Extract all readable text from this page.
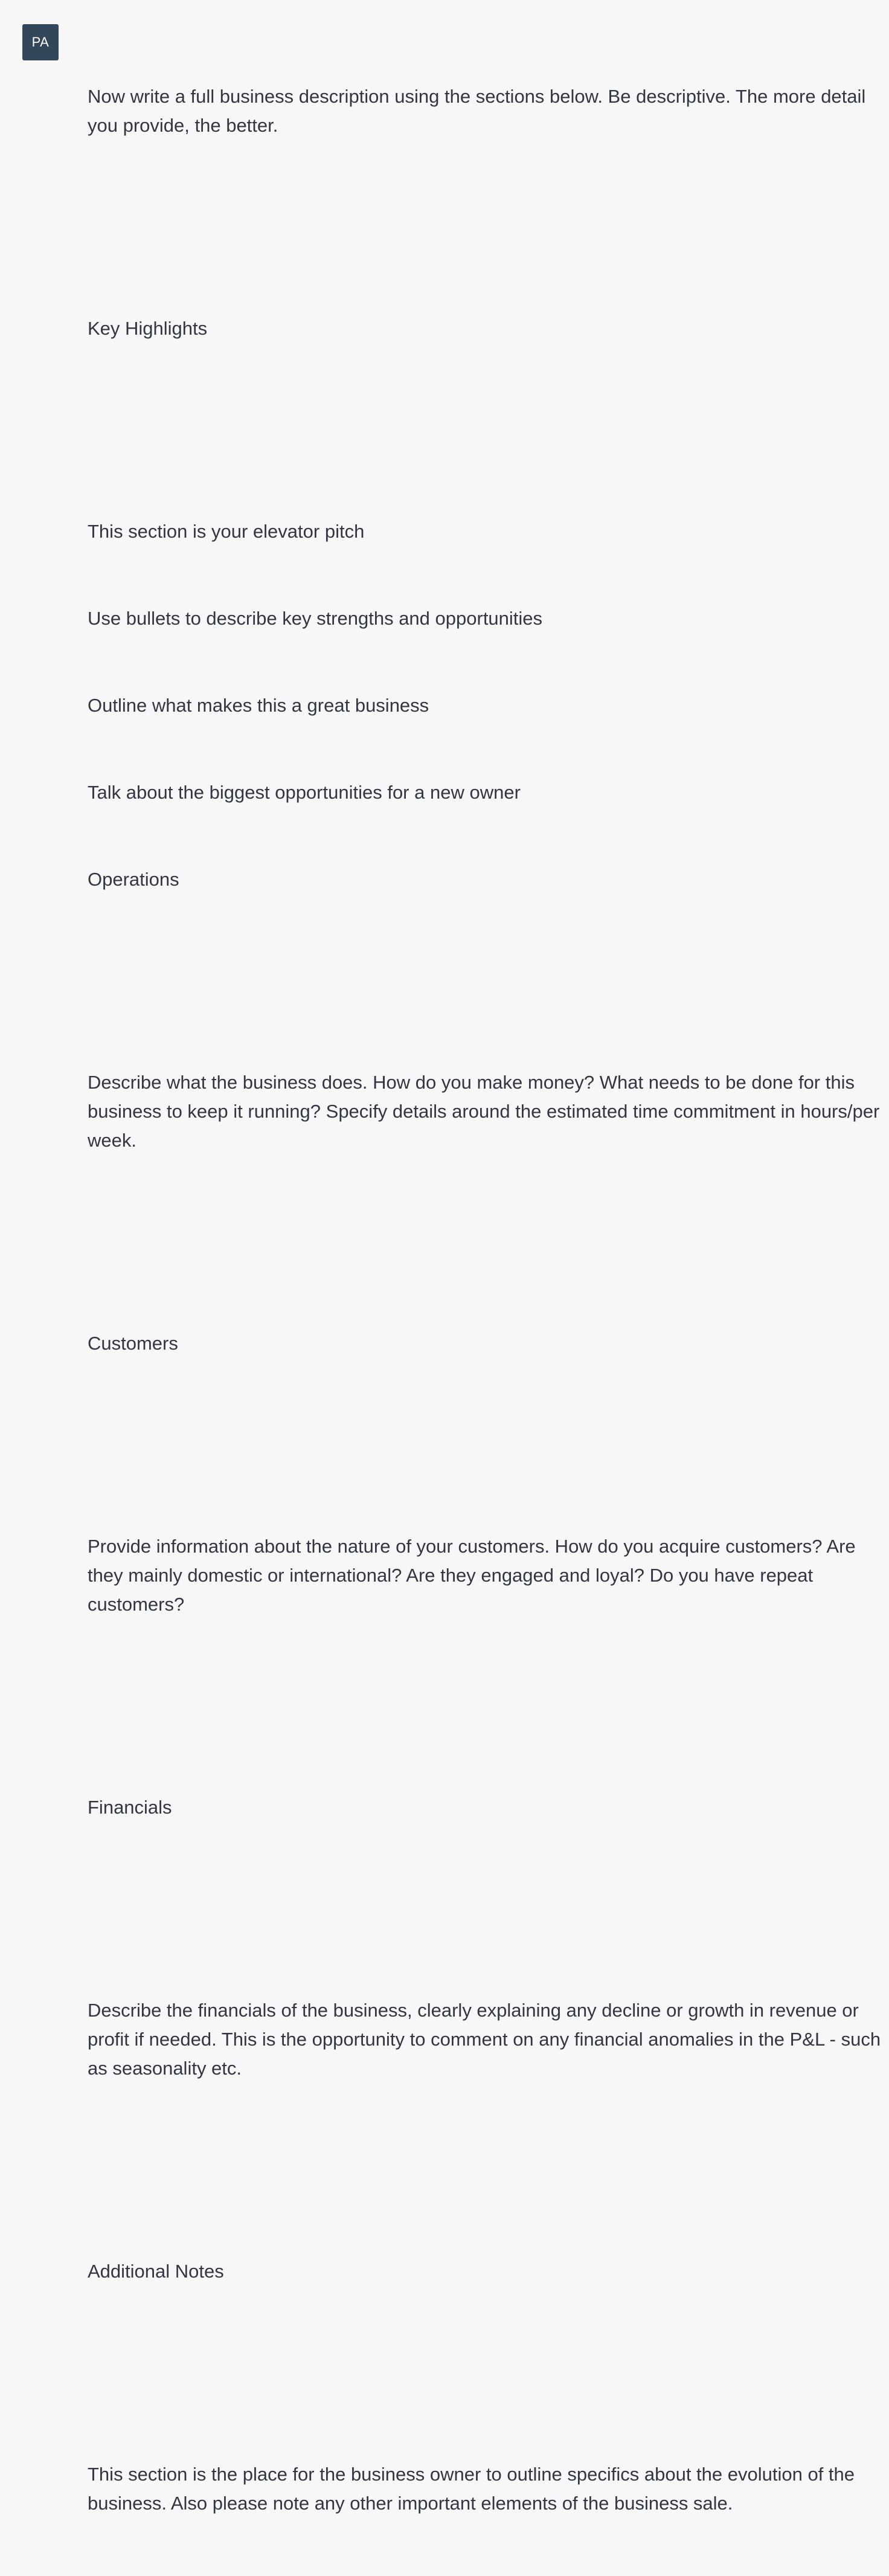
PA

Now write a full business description using the sections below. Be descriptive. The more detail you provide, the better.

Key Highlights

This section is your elevator pitch

Use bullets to describe key strengths and opportunities

Outline what makes this a great business

Talk about the biggest opportunities for a new owner

Operations

Describe what the business does. How do you make money? What needs to be done for this business to keep it running? Specify details around the estimated time commitment in hours/per week.

Customers

Provide information about the nature of your customers. How do you acquire customers? Are they mainly domestic or international? Are they engaged and loyal? Do you have repeat customers?

Financials

Describe the financials of the business, clearly explaining any decline or growth in revenue or profit if needed. This is the opportunity to comment on any financial anomalies in the P&L - such as seasonality etc.

Additional Notes

This section is the place for the business owner to outline specifics about the evolution of the business. Also please note any other important elements of the business sale.
